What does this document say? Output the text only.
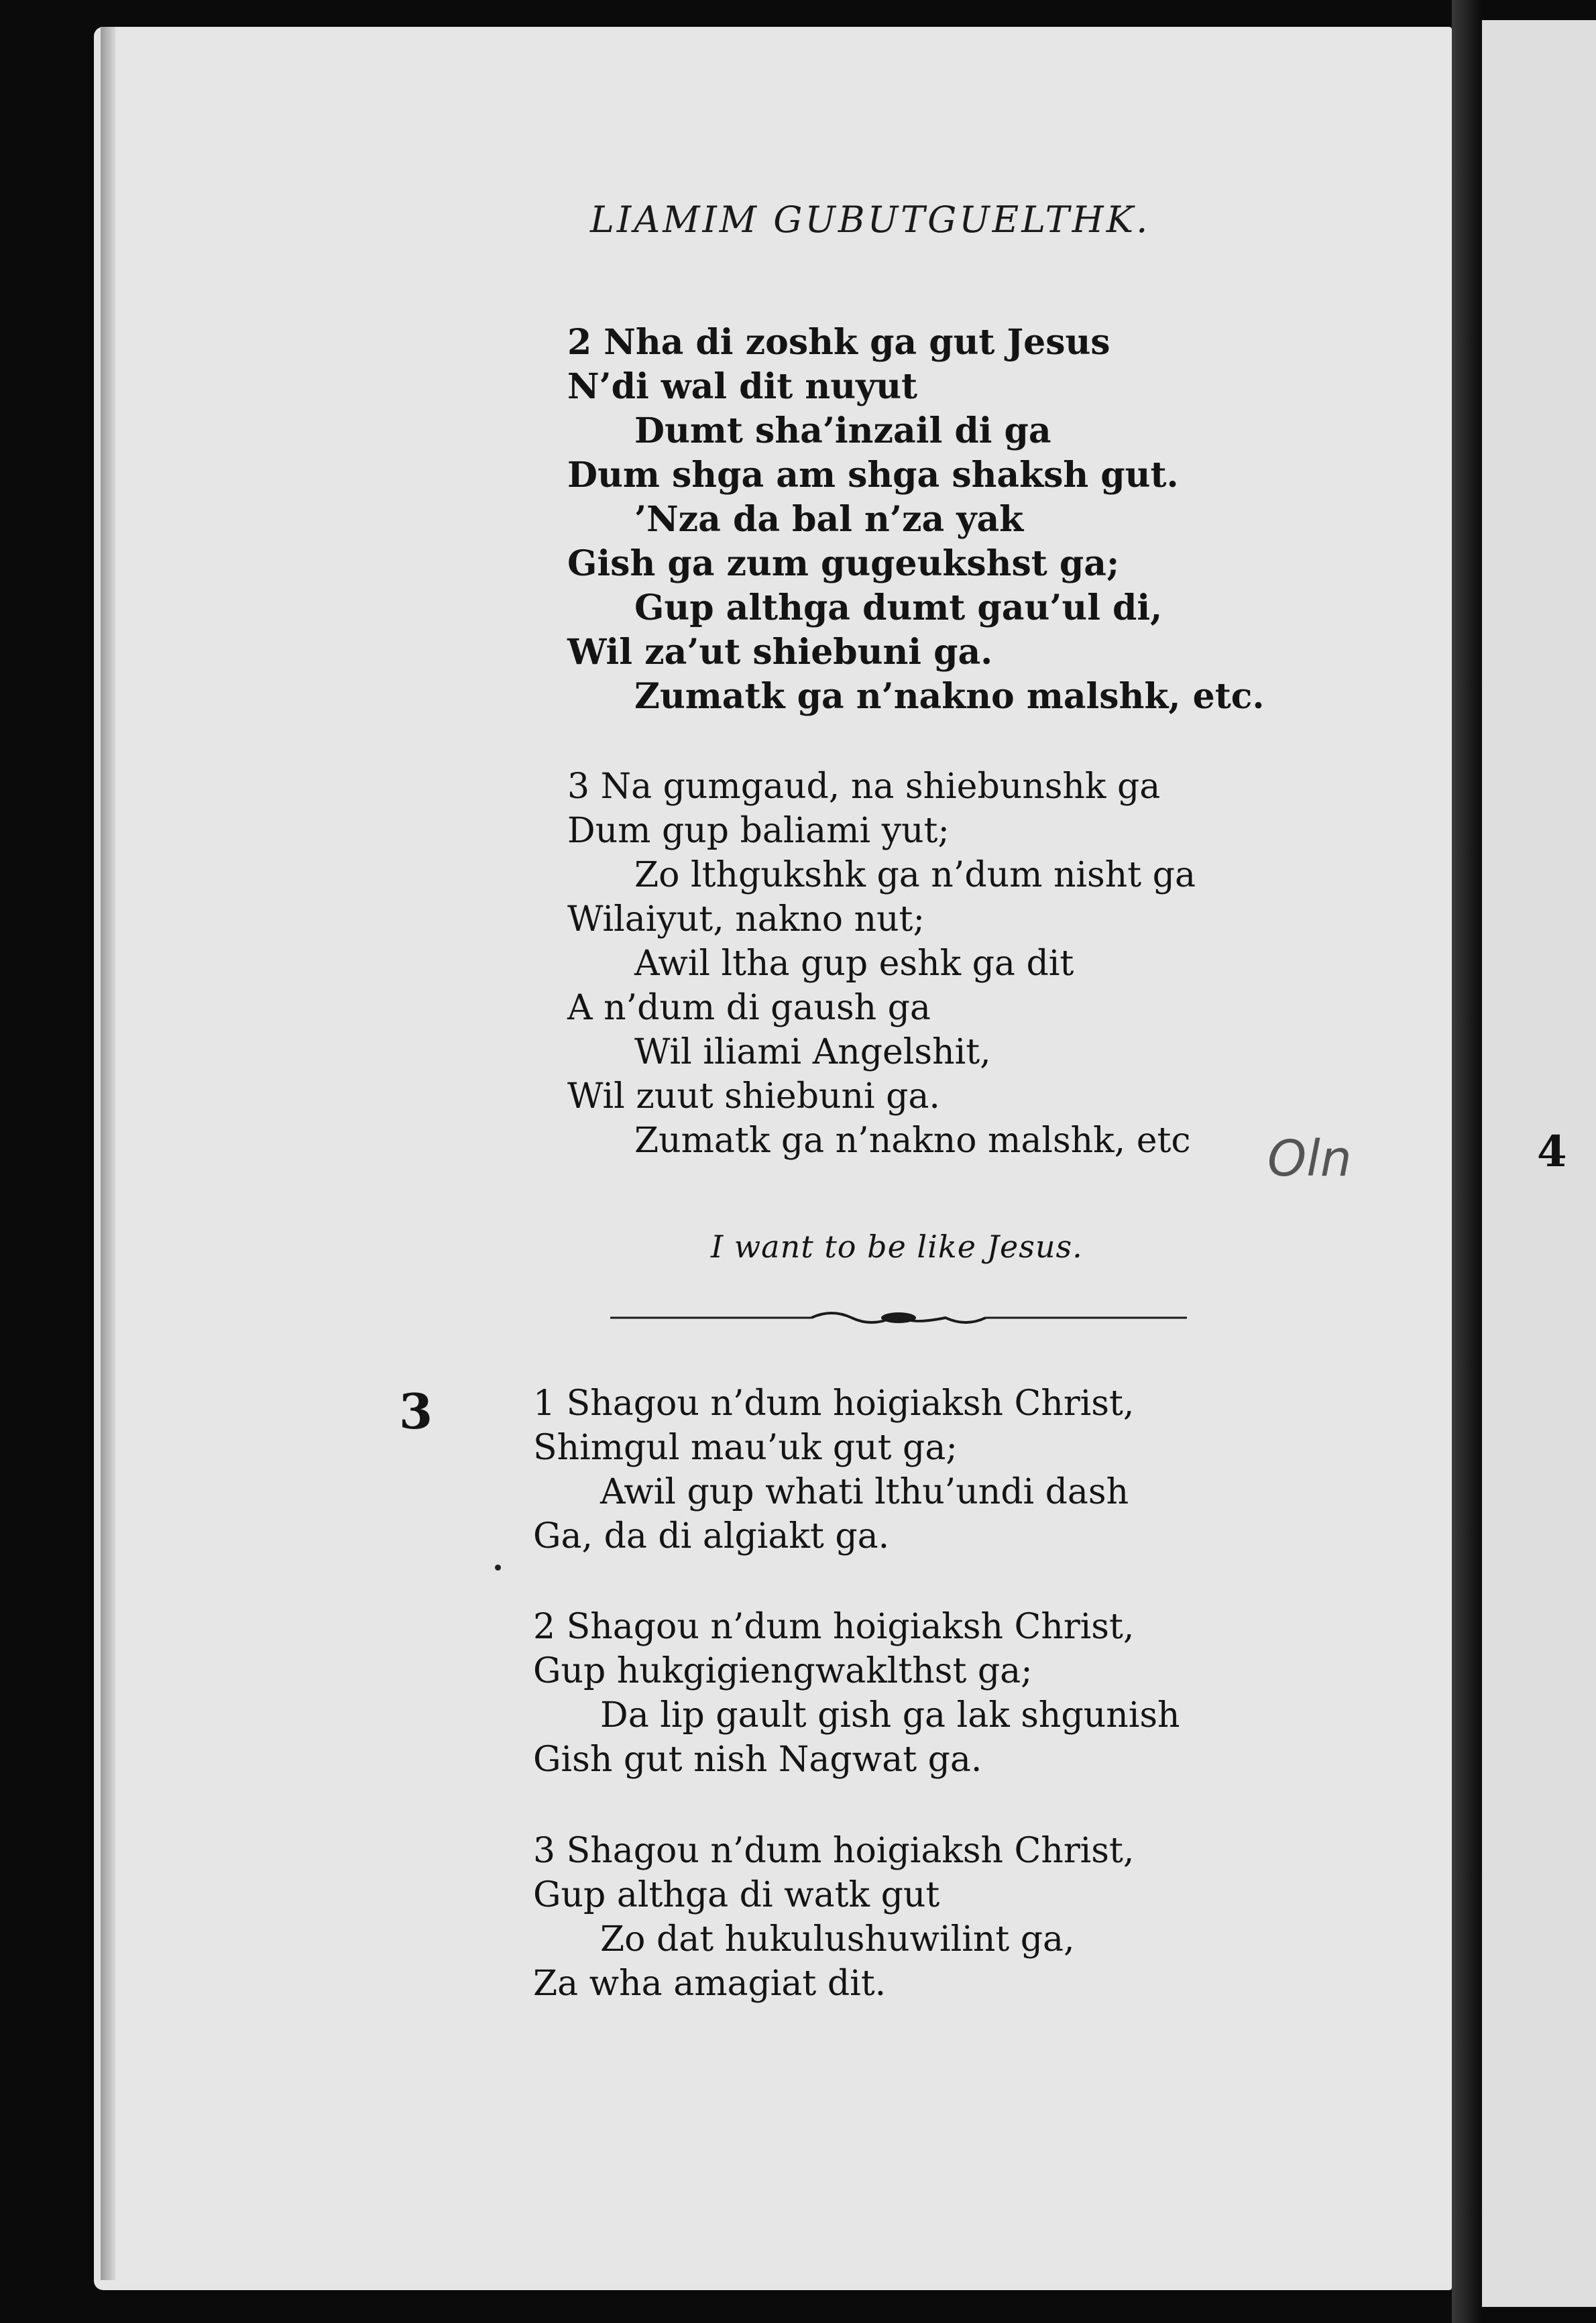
LIAMIM GUBUTGUELTHK.
2 Nha di zoshk ga gut Jesus
N’di wal dit nuyut
Dumt sha’inzail di ga
Dum shga am shga shaksh gut.
’Nza da bal n’za yak
Gish ga zum gugeukshst ga;
Gup althga dumt gau’ul di,
Wil za’ut shiebuni ga.
Zumatk ga n’nakno malshk, etc.
3 Na gumgaud, na shiebunshk ga
Dum gup baliami yut;
Zo lthgukshk ga n’dum nisht ga
Wilaiyut, nakno nut;
Awil ltha gup eshk ga dit
A n’dum di gaush ga
Wil iliami Angelshit,
Wil zuut shiebuni ga.
Zumatk ga n’nakno malshk, etc Oln	4
I want to be like Jesus.
3	1 Shagou n’dum hoigiaksh Christ,
Shimgul mau’uk gut ga;
Awil gup whati lthu’undi dash
Ga, da di algiakt ga.
2 Shagou n’dum hoigiaksh Christ,
Gup hukgigiengwaklthst ga;
Da lip gault gish ga lak shgunish
Gish gut nish Nagwat ga.
3 Shagou n’dum hoigiaksh Christ,
Gup althga di watk gut
Zo dat hukulushuwilint ga,
Za wha amagiat dit.
